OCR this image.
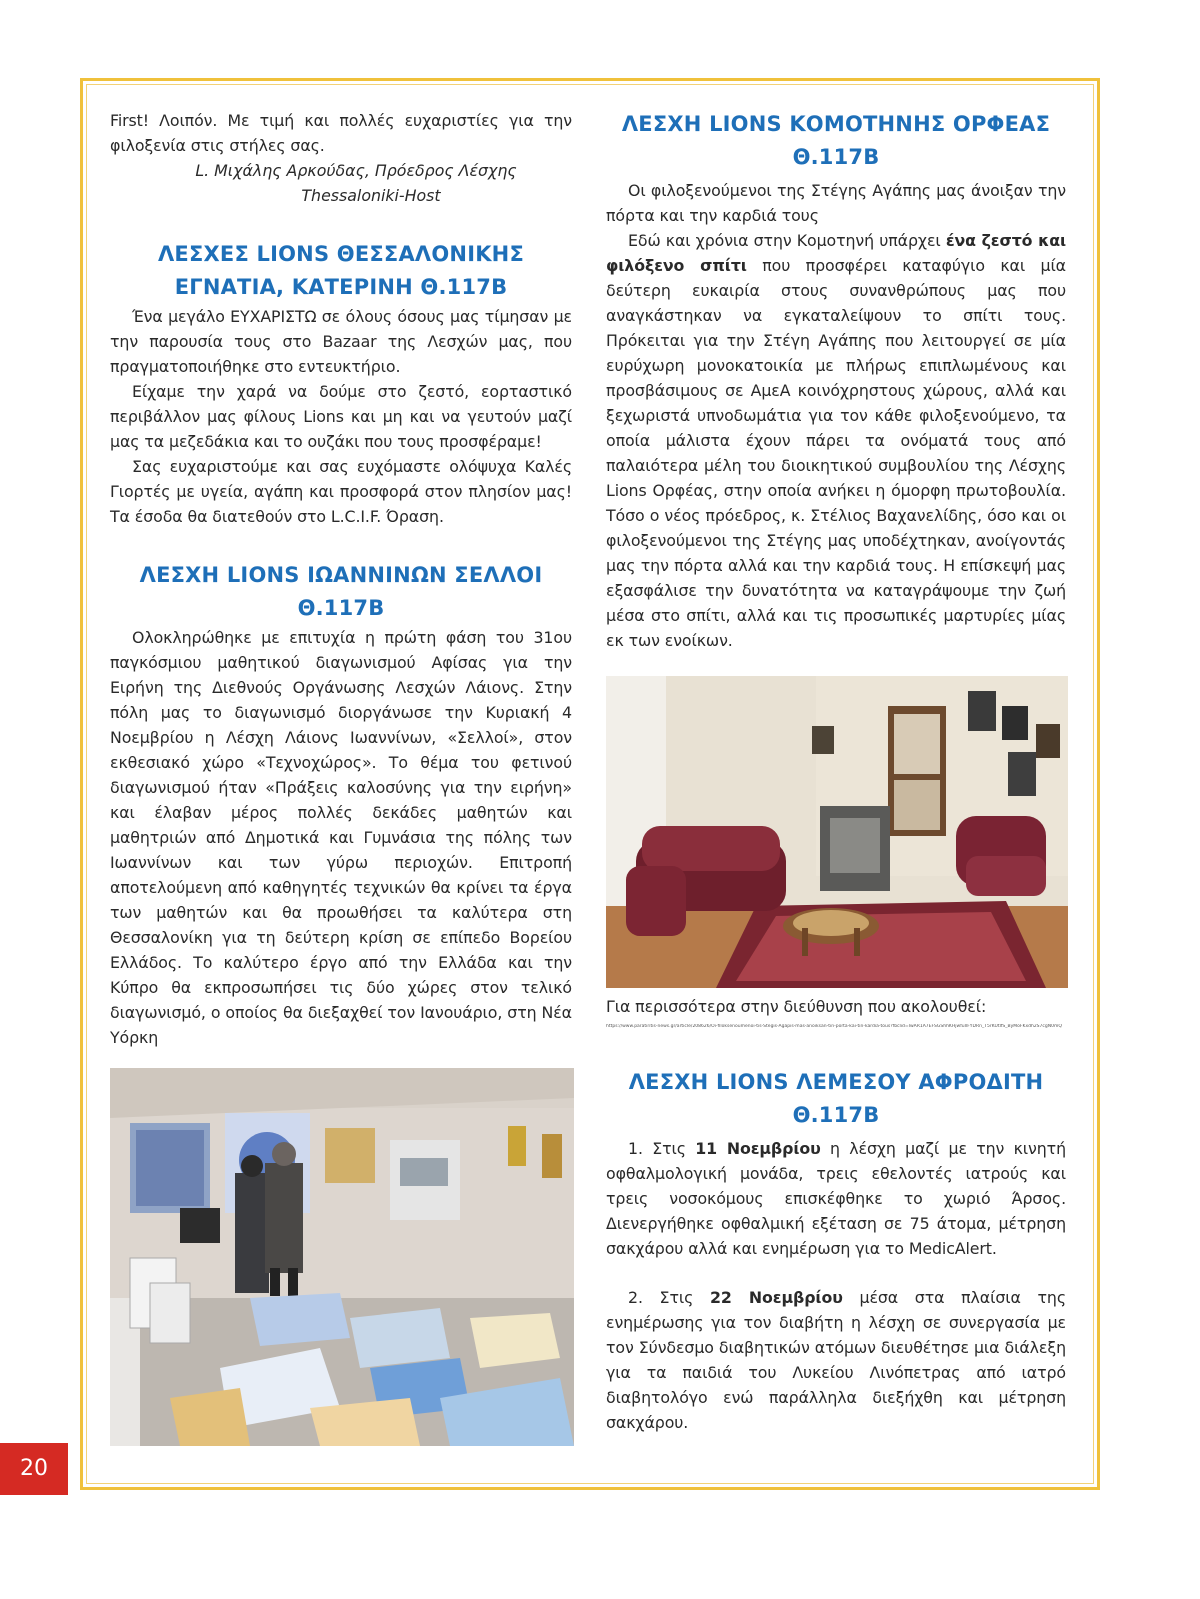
First! Λοιπόν. Με τιμή και πολλές ευχαριστίες για την φιλοξενία στις στήλες σας.

L. Μιχάλης Αρκούδας, Πρόεδρος Λέσχης
Thessaloniki-Host
ΛΕΣΧΕΣ LIONS ΘΕΣΣΑΛΟΝΙΚΗΣ
ΕΓΝΑΤΙΑ, ΚΑΤΕΡΙΝΗ Θ.117Β

Ένα μεγάλο ΕΥΧΑΡΙΣΤΩ σε όλους όσους μας τίμησαν με την παρουσία τους στο Bazaar της Λεσχών μας, που πραγματοποιήθηκε στο εντευκτήριο.

Είχαμε την χαρά να δούμε στο ζεστό, εορταστικό περιβάλλον μας φίλους Lions και μη και να γευτούν μαζί μας τα μεζεδάκια και το ουζάκι που τους προσφέραμε!

Σας ευχαριστούμε και σας ευχόμαστε ολόψυχα Καλές Γιορτές με υγεία, αγάπη και προσφορά στον πλησίον μας! Τα έσοδα θα διατεθούν στο L.C.I.F. Όραση.

ΛΕΣΧΗ LIONS ΙΩΑΝΝΙΝΩΝ ΣΕΛΛΟΙ
Θ.117Β

Ολοκληρώθηκε με επιτυχία η πρώτη φάση του 31ου παγκόσμιου μαθητικού διαγωνισμού Αφίσας για την Ειρήνη της Διεθνούς Οργάνωσης Λεσχών Λάιονς. Στην πόλη μας το διαγωνισμό διοργάνωσε την Κυριακή 4 Νοεμβρίου η Λέσχη Λάιονς Ιωαννίνων, «Σελλοί», στον εκθεσιακό χώρο «Τεχνοχώρος». Το θέμα του φετινού διαγωνισμού ήταν «Πράξεις καλοσύνης για την ειρήνη» και έλαβαν μέρος πολλές δεκάδες μαθητών και μαθητριών από Δημοτικά και Γυμνάσια της πόλης των Ιωαννίνων και των γύρω περιοχών. Επιτροπή αποτελούμενη από καθηγητές τεχνικών θα κρίνει τα έργα των μαθητών και θα προωθήσει τα καλύτερα στη Θεσσαλονίκη για τη δεύτερη κρίση σε επίπεδο Βορείου Ελλάδος. Το καλύτερο έργο από την Ελλάδα και την Κύπρο θα εκπροσωπήσει τις δύο χώρες στον τελικό διαγωνισμό, ο οποίος θα διεξαχθεί τον Ιανουάριο, στη Νέα Υόρκη

ΛΕΣΧΗ LIONS ΚΟΜΟΤΗΝΗΣ ΟΡΦΕΑΣ
Θ.117Β

Οι φιλοξενούμενοι της Στέγης Αγάπης μας άνοιξαν την πόρτα και την καρδιά τους

Εδώ και χρόνια στην Κομοτηνή υπάρχει ένα ζεστό και φιλόξενο σπίτι που προσφέρει καταφύγιο και μία δεύτερη ευκαιρία στους συνανθρώπους μας που αναγκάστηκαν να εγκαταλείψουν το σπίτι τους. Πρόκειται για την Στέγη Αγάπης που λειτουργεί σε μία ευρύχωρη μονοκατοικία με πλήρως επιπλωμένους και προσβάσιμους σε ΑμεΑ κοινόχρηστους χώρους, αλλά και ξεχωριστά υπνοδωμάτια για τον κάθε φιλοξενούμενο, τα οποία μάλιστα έχουν πάρει τα ονόματά τους από παλαιότερα μέλη του διοικητικού συμβουλίου της Λέσχης Lions Ορφέας, στην οποία ανήκει η όμορφη πρωτοβουλία. Τόσο ο νέος πρόεδρος, κ. Στέλιος Βαχανελίδης, όσο και οι φιλοξενούμενοι της Στέγης μας υποδέχτηκαν, ανοίγοντάς μας την πόρτα αλλά και την καρδιά τους. Η επίσκεψή μας εξασφάλισε την δυνατότητα να καταγράψουμε την ζωή μέσα στο σπίτι, αλλά και τις προσωπικές μαρτυρίες μίας εκ των ενοίκων.

Για περισσότερα στην διεύθυνση που ακολουθεί:

https://www.paratiritis-news.gr/article/208626/Oi-filoksenoumenoi-tis-Stegis-Agapis-mas-anoiksan-tin-porta-kai-tin-kardia-tous?fbclid=IwAR1A7EFSGShhKHjwfuIlFYDRn_T5rKUtlfS_ByMoFKxdh2S7cgN0mQ
ΛΕΣΧΗ LIONS ΛΕΜΕΣΟΥ ΑΦΡΟΔΙΤΗ
Θ.117Β

1. Στις 11 Νοεμβρίου η λέσχη μαζί με την κινητή οφθαλμολογική μονάδα, τρεις εθελοντές ιατρούς και τρεις νοσοκόμους επισκέφθηκε το χωριό Άρσος. Διενεργήθηκε οφθαλμική εξέταση σε 75 άτομα, μέτρηση σακχάρου αλλά και ενημέρωση για το MedicAlert.

2. Στις 22 Νοεμβρίου μέσα στα πλαίσια της ενημέρωσης για τον διαβήτη η λέσχη σε συνεργασία με τον Σύνδεσμο διαβητικών ατόμων διευθέτησε μια διάλεξη για τα παιδιά του Λυκείου Λινόπετρας από ιατρό διαβητολόγο ενώ παράλληλα διεξήχθη και μέτρηση σακχάρου.

20
